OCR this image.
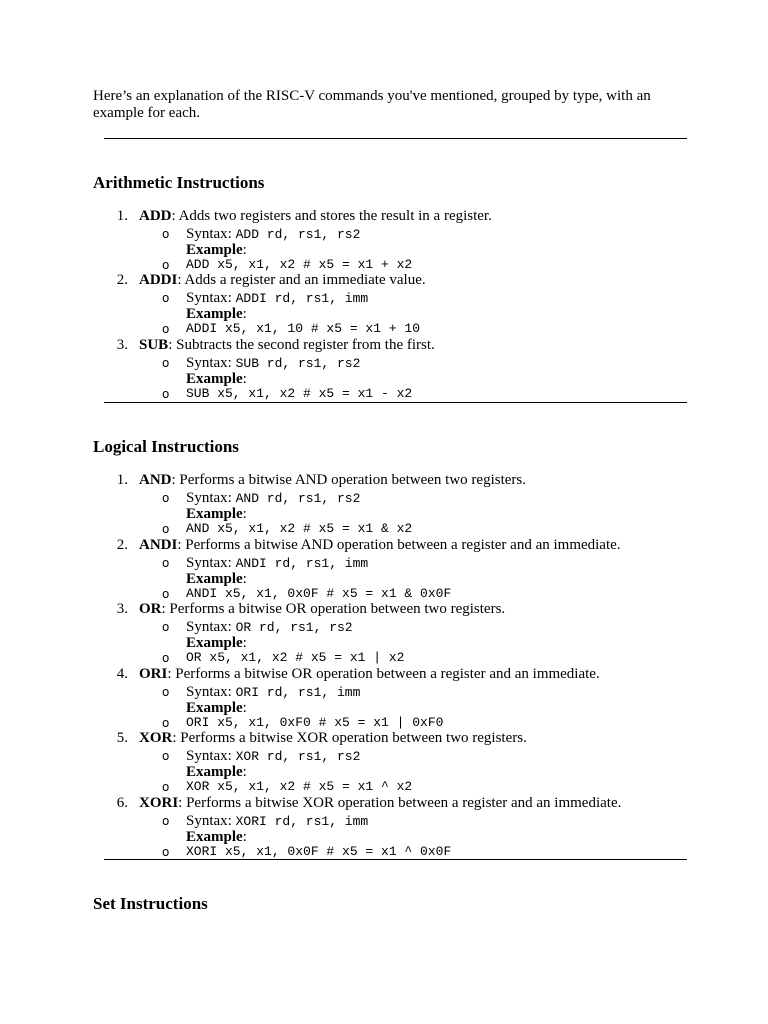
Here’s an explanation of the RISC-V commands you've mentioned, grouped by type, with an example for each.
Arithmetic Instructions
1. ADD: Adds two registers and stores the result in a register.
o Syntax: ADD rd, rs1, rs2
Example:
o ADD x5, x1, x2 # x5 = x1 + x2
2. ADDI: Adds a register and an immediate value.
o Syntax: ADDI rd, rs1, imm
Example:
o ADDI x5, x1, 10 # x5 = x1 + 10
3. SUB: Subtracts the second register from the first.
o Syntax: SUB rd, rs1, rs2
Example:
o SUB x5, x1, x2 # x5 = x1 - x2
Logical Instructions
1. AND: Performs a bitwise AND operation between two registers.
o Syntax: AND rd, rs1, rs2
Example:
o AND x5, x1, x2 # x5 = x1 & x2
2. ANDI: Performs a bitwise AND operation between a register and an immediate.
o Syntax: ANDI rd, rs1, imm
Example:
o ANDI x5, x1, 0x0F # x5 = x1 & 0x0F
3. OR: Performs a bitwise OR operation between two registers.
o Syntax: OR rd, rs1, rs2
Example:
o OR x5, x1, x2 # x5 = x1 | x2
4. ORI: Performs a bitwise OR operation between a register and an immediate.
o Syntax: ORI rd, rs1, imm
Example:
o ORI x5, x1, 0xF0 # x5 = x1 | 0xF0
5. XOR: Performs a bitwise XOR operation between two registers.
o Syntax: XOR rd, rs1, rs2
Example:
o XOR x5, x1, x2 # x5 = x1 ^ x2
6. XORI: Performs a bitwise XOR operation between a register and an immediate.
o Syntax: XORI rd, rs1, imm
Example:
o XORI x5, x1, 0x0F # x5 = x1 ^ 0x0F
Set Instructions
